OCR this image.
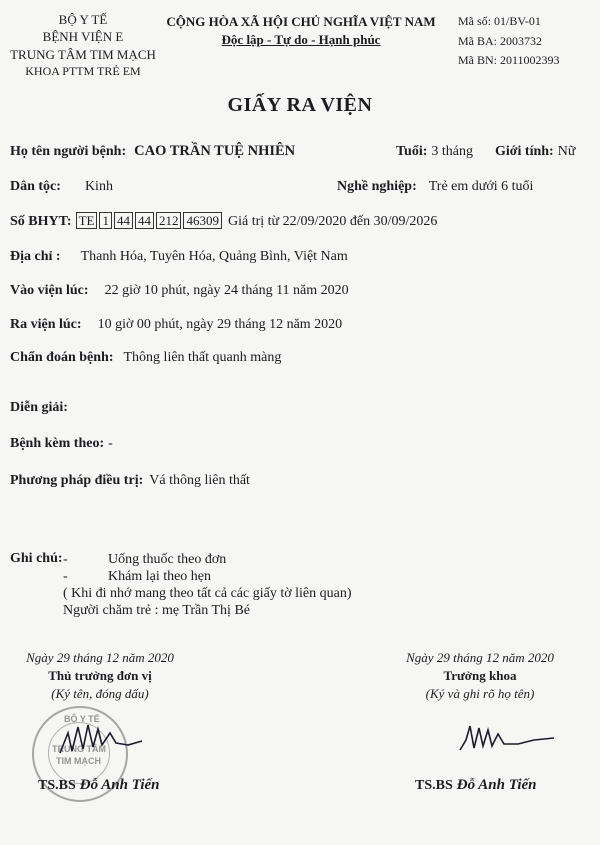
BỘ Y TẾ
BỆNH VIỆN E
TRUNG TÂM TIM MẠCH
KHOA PTTM TRẺ EM
CỘNG HÒA XÃ HỘI CHỦ NGHĨA VIỆT NAM
Độc lập - Tự do - Hạnh phúc
Mã số: 01/BV-01
Mã BA: 2003732
Mã BN: 2011002393
GIẤY RA VIỆN
Họ tên người bệnh: CAO TRẦN TUỆ NHIÊN	Tuổi: 3 tháng Giới tính: Nữ
Dân tộc: Kinh	Nghề nghiệp: Trẻ em dưới 6 tuổi
Số BHYT: TE 1 44 44 212 46309 Giá trị từ 22/09/2020 đến 30/09/2026
Địa chỉ : Thanh Hóa, Tuyên Hóa, Quảng Bình, Việt Nam
Vào viện lúc: 22 giờ 10 phút, ngày 24 tháng 11 năm 2020
Ra viện lúc: 10 giờ 00 phút, ngày 29 tháng 12 năm 2020
Chẩn đoán bệnh: Thông liên thất quanh màng
Diễn giải:
Bệnh kèm theo: -
Phương pháp điều trị: Vá thông liên thất
Ghi chú: -	Uống thuốc theo đơn
-	Khám lại theo hẹn
( Khi đi nhớ mang theo tất cả các giấy tờ liên quan)
Người chăm trẻ : mẹ Trần Thị Bé
Ngày 29 tháng 12 năm 2020
Thủ trưởng đơn vị
(Ký tên, đóng dấu)
BỘ Y TẾ
TRUNG TÂM
TIM MẠCH
TS.BS Đỗ Anh Tiến
Ngày 29 tháng 12 năm 2020
Trưởng khoa
(Ký và ghi rõ họ tên)
TS.BS Đỗ Anh Tiến
